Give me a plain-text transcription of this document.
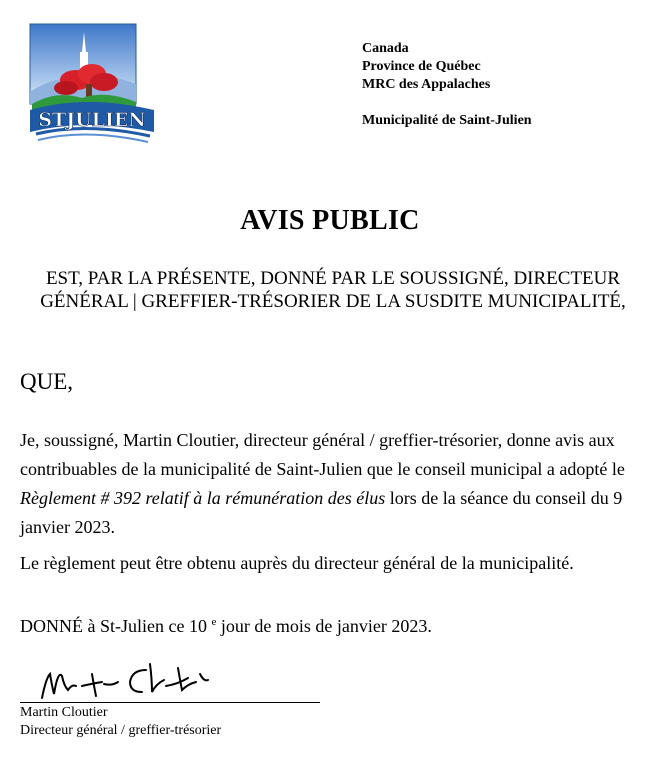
STJULIEN
Canada
Province de Québec
MRC des Appalaches
Municipalité de Saint-Julien
AVIS PUBLIC
EST, PAR LA PRÉSENTE, DONNÉ PAR LE SOUSSIGNÉ, DIRECTEUR GÉNÉRAL | GREFFIER-TRÉSORIER DE LA SUSDITE MUNICIPALITÉ,
QUE,

Je, soussigné, Martin Cloutier, directeur général / greffier-trésorier, donne avis aux contribuables de la municipalité de Saint-Julien que le conseil municipal a adopté le Règlement # 392 relatif à la rémunération des élus lors de la séance du conseil du 9 janvier 2023.

Le règlement peut être obtenu auprès du directeur général de la municipalité.

DONNÉ à St-Julien ce 10 $^e$ jour de mois de janvier 2023.
Martin Cloutier
Directeur général / greffier-trésorier
